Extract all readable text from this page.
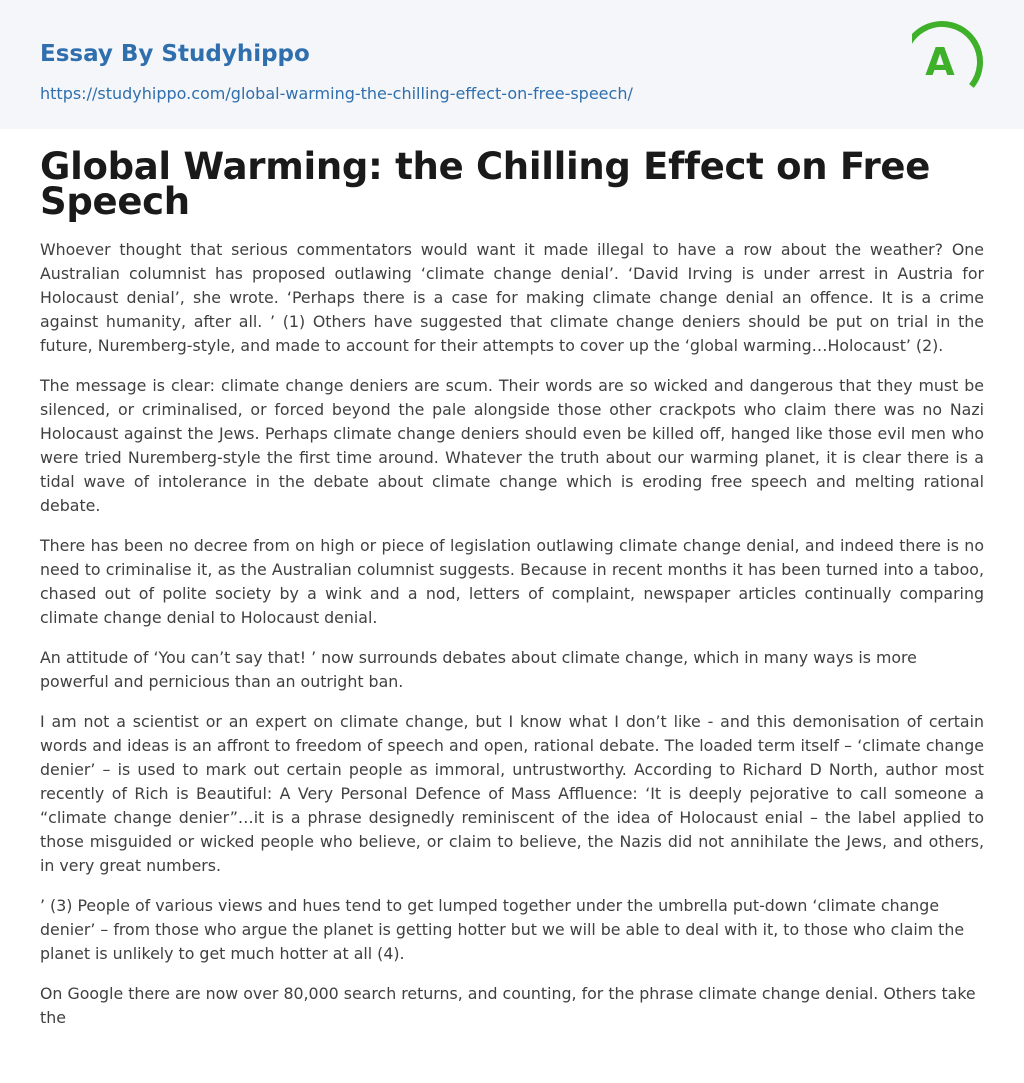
Essay By Studyhippo
https://studyhippo.com/global-warming-the-chilling-effect-on-free-speech/
A
Global Warming: the Chilling Effect on Free Speech

Whoever thought that serious commentators would want it made illegal to have a row about the weather? One Australian columnist has proposed outlawing ‘climate change denial’. ‘David Irving is under arrest in Austria for Holocaust denial’, she wrote. ‘Perhaps there is a case for making climate change denial an offence. It is a crime against humanity, after all. ’ (1) Others have suggested that climate change deniers should be put on trial in the future, Nuremberg-style, and made to account for their attempts to cover up the ‘global warming…Holocaust’ (2).

The message is clear: climate change deniers are scum. Their words are so wicked and dangerous that they must be silenced, or criminalised, or forced beyond the pale alongside those other crackpots who claim there was no Nazi Holocaust against the Jews. Perhaps climate change deniers should even be killed off, hanged like those evil men who were tried Nuremberg-style the first time around. Whatever the truth about our warming planet, it is clear there is a tidal wave of intolerance in the debate about climate change which is eroding free speech and melting rational debate.

There has been no decree from on high or piece of legislation outlawing climate change denial, and indeed there is no need to criminalise it, as the Australian columnist suggests. Because in recent months it has been turned into a taboo, chased out of polite society by a wink and a nod, letters of complaint, newspaper articles continually comparing climate change denial to Holocaust denial.

An attitude of ‘You can’t say that! ’ now surrounds debates about climate change, which in many ways is more powerful and pernicious than an outright ban.

I am not a scientist or an expert on climate change, but I know what I don’t like - and this demonisation of certain words and ideas is an affront to freedom of speech and open, rational debate. The loaded term itself – ‘climate change denier’ – is used to mark out certain people as immoral, untrustworthy. According to Richard D North, author most recently of Rich is Beautiful: A Very Personal Defence of Mass Affluence: ‘It is deeply pejorative to call someone a “climate change denier”…it is a phrase designedly reminiscent of the idea of Holocaust enial – the label applied to those misguided or wicked people who believe, or claim to believe, the Nazis did not annihilate the Jews, and others, in very great numbers.

’ (3) People of various views and hues tend to get lumped together under the umbrella put-down ‘climate change denier’ – from those who argue the planet is getting hotter but we will be able to deal with it, to those who claim the planet is unlikely to get much hotter at all (4).

On Google there are now over 80,000 search returns, and counting, for the phrase climate change denial. Others take the
